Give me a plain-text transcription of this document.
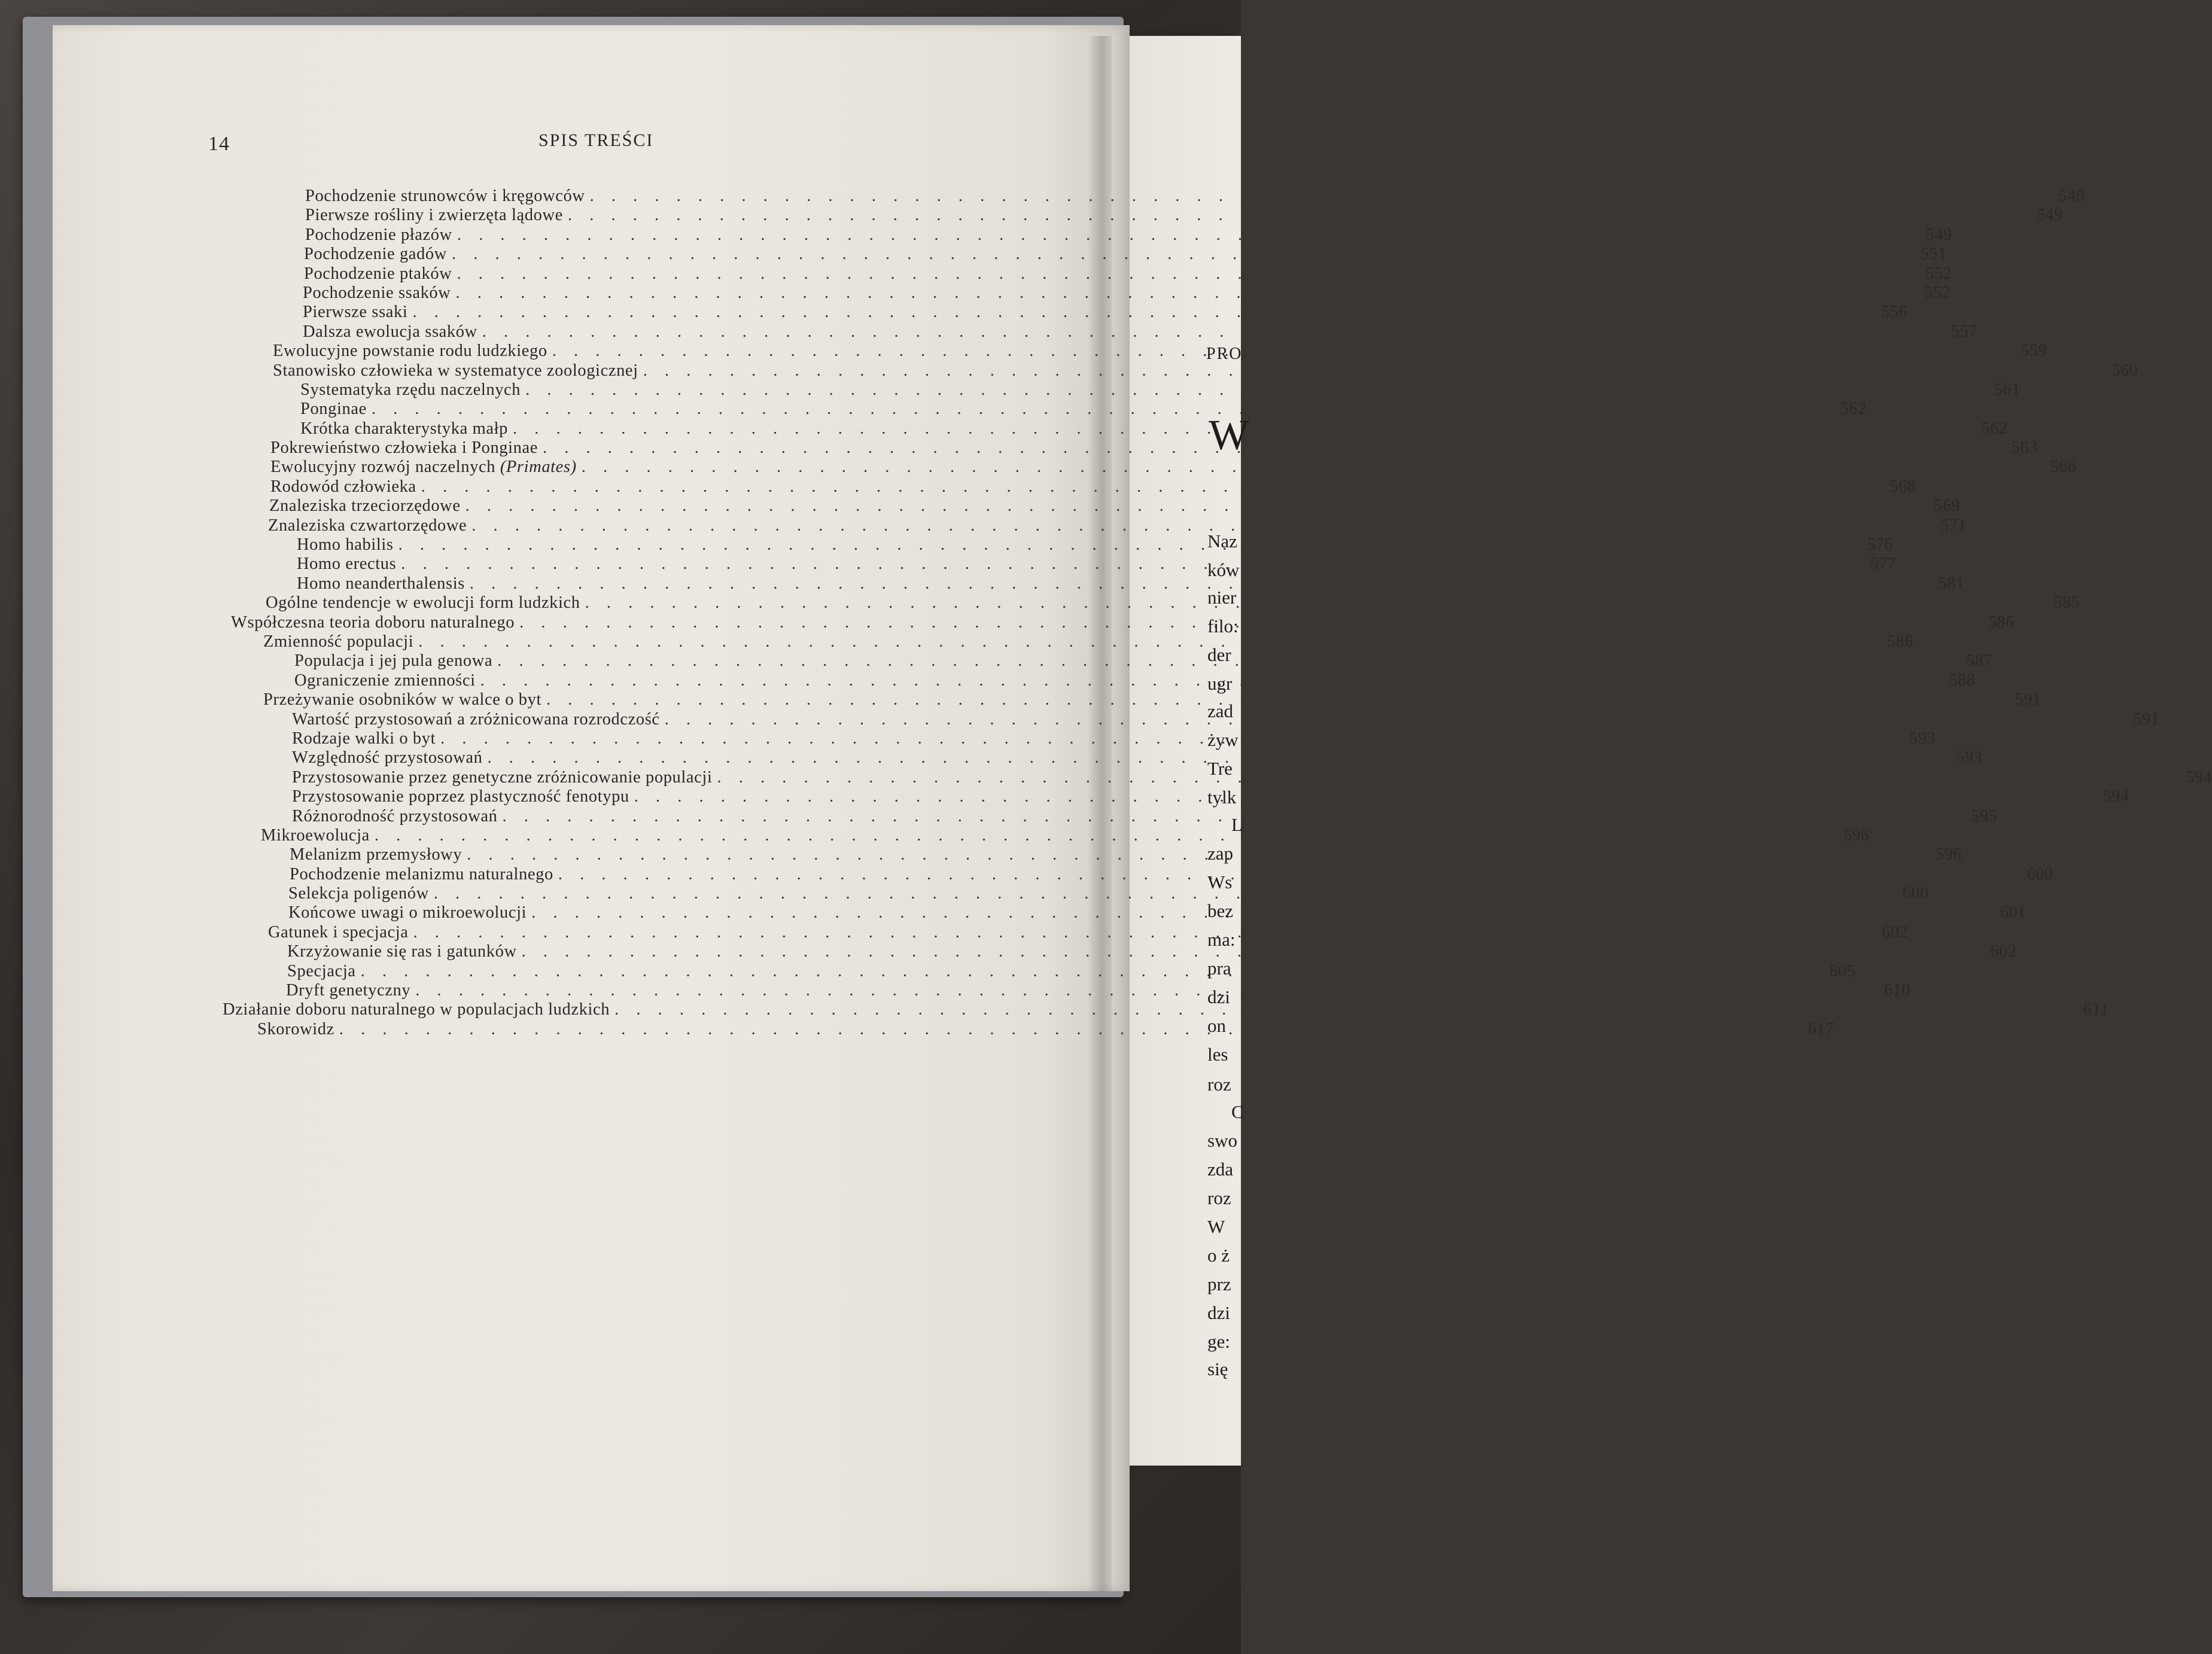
14	SPIS TREŚCI
Pochodzenie strunowców i kręgowców . . .	548
Pierwsze rośliny i zwierzęta lądowe . . .	549
Pochodzenie płazów . . .	549
Pochodzenie gadów . . .	551
Pochodzenie ptaków . . .	552
Pochodzenie ssaków . . .	552
Pierwsze ssaki . . .	556
Dalsza ewolucja ssaków . . .	557
Ewolucyjne powstanie rodu ludzkiego . . .	559
Stanowisko człowieka w systematyce zoologicznej . . .	560
Systematyka rzędu naczelnych . . .	561
Ponginae . . .	562
Krótka charakterystyka małp . . .	562
Pokrewieństwo człowieka i Ponginae . . .	563
Ewolucyjny rozwój naczelnych (Primates) . . .	566
Rodowód człowieka . . .	568
Znaleziska trzeciorzędowe . . .	569
Znaleziska czwartorzędowe . . .	571
Homo habilis . . .	576
Homo erectus . . .	577
Homo neanderthalensis . . .	581
Ogólne tendencje w ewolucji form ludzkich . . .	585
Współczesna teoria doboru naturalnego . . .	586
Zmienność populacji . . .	586
Populacja i jej pula genowa . . .	587
Ograniczenie zmienności . . .	588
Przeżywanie osobników w walce o byt . . .	591
Wartość przystosowań a zróżnicowana rozrodczość . . .	591
Rodzaje walki o byt . . .	593
Względność przystosowań . . .	593
Przystosowanie przez genetyczne zróżnicowanie populacji . . .	594
Przystosowanie poprzez plastyczność fenotypu . . .	594
Różnorodność przystosowań . . .	595
Mikroewolucja . . .	596
Melanizm przemysłowy . . .	596
Pochodzenie melanizmu naturalnego . . .	600
Selekcja poligenów . . .	600
Końcowe uwagi o mikroewolucji . . .	601
Gatunek i specjacja . . .	602
Krzyżowanie się ras i gatunków . . .	602
Specjacja . . .	605
Dryft genetyczny . . .	610
Działanie doboru naturalnego w populacjach ludzkich . . .	611
Skorowidz . . .	617
PRO
W
Naz
ków
nier
filo:
der
ugr
zad
żyw
Tre
tylk
L
zap
Ws
bez
ma:
pra
dzi
on
les
roz
C
swo
zda
roz
W
o ż
prz
dzi
ge:
się
